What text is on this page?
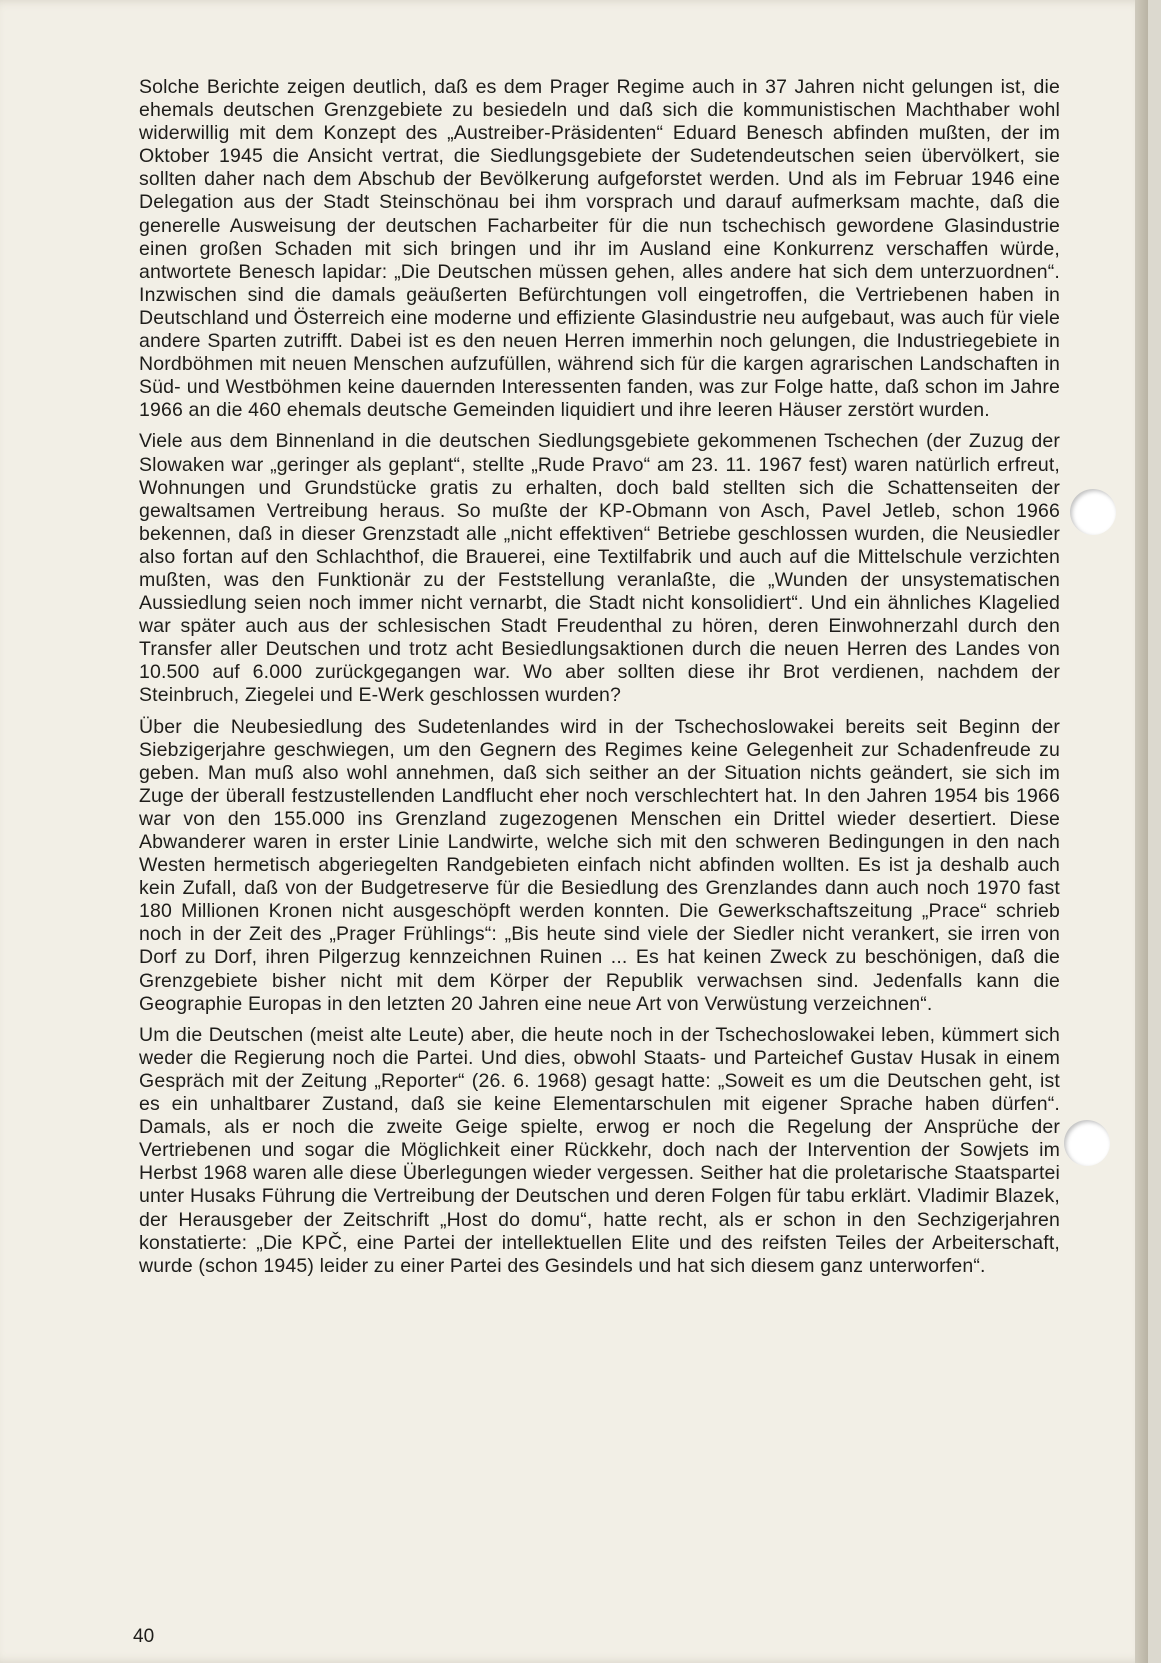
Solche Berichte zeigen deutlich, daß es dem Prager Regime auch in 37 Jahren nicht gelungen ist, die ehemals deutschen Grenzgebiete zu besiedeln und daß sich die kommunistischen Machthaber wohl widerwillig mit dem Konzept des „Austreiber-Präsidenten“ Eduard Benesch abfinden mußten, der im Oktober 1945 die Ansicht vertrat, die Siedlungsgebiete der Sudetendeutschen seien übervölkert, sie sollten daher nach dem Abschub der Bevölkerung aufgeforstet werden. Und als im Februar 1946 eine Delegation aus der Stadt Steinschönau bei ihm vorsprach und darauf aufmerksam machte, daß die generelle Ausweisung der deutschen Facharbeiter für die nun tschechisch gewordene Glasindustrie einen großen Schaden mit sich bringen und ihr im Ausland eine Konkurrenz verschaffen würde, antwortete Benesch lapidar: „Die Deutschen müssen gehen, alles andere hat sich dem unterzuordnen“. Inzwischen sind die damals geäußerten Befürchtungen voll eingetroffen, die Vertriebenen haben in Deutschland und Österreich eine moderne und effiziente Glasindustrie neu aufgebaut, was auch für viele andere Sparten zutrifft. Dabei ist es den neuen Herren immerhin noch gelungen, die Industriegebiete in Nordböhmen mit neuen Menschen aufzufüllen, während sich für die kargen agrarischen Landschaften in Süd- und Westböhmen keine dauernden Interessenten fanden, was zur Folge hatte, daß schon im Jahre 1966 an die 460 ehemals deutsche Gemeinden liquidiert und ihre leeren Häuser zerstört wurden.

Viele aus dem Binnenland in die deutschen Siedlungsgebiete gekommenen Tschechen (der Zuzug der Slowaken war „geringer als geplant“, stellte „Rude Pravo“ am 23. 11. 1967 fest) waren natürlich erfreut, Wohnungen und Grundstücke gratis zu erhalten, doch bald stellten sich die Schattenseiten der gewaltsamen Vertreibung heraus. So mußte der KP-Obmann von Asch, Pavel Jetleb, schon 1966 bekennen, daß in dieser Grenzstadt alle „nicht effektiven“ Betriebe geschlossen wurden, die Neusiedler also fortan auf den Schlachthof, die Brauerei, eine Textilfabrik und auch auf die Mittelschule verzichten mußten, was den Funktionär zu der Feststellung veranlaßte, die „Wunden der unsystematischen Aussiedlung seien noch immer nicht vernarbt, die Stadt nicht konsolidiert“. Und ein ähnliches Klagelied war später auch aus der schlesischen Stadt Freudenthal zu hören, deren Einwohnerzahl durch den Transfer aller Deutschen und trotz acht Besiedlungsaktionen durch die neuen Herren des Landes von 10.500 auf 6.000 zurückgegangen war. Wo aber sollten diese ihr Brot verdienen, nachdem der Steinbruch, Ziegelei und E-Werk geschlossen wurden?

Über die Neubesiedlung des Sudetenlandes wird in der Tschechoslowakei bereits seit Beginn der Siebzigerjahre geschwiegen, um den Gegnern des Regimes keine Gelegenheit zur Schadenfreude zu geben. Man muß also wohl annehmen, daß sich seither an der Situation nichts geändert, sie sich im Zuge der überall festzustellenden Landflucht eher noch verschlechtert hat. In den Jahren 1954 bis 1966 war von den 155.000 ins Grenzland zugezogenen Menschen ein Drittel wieder desertiert. Diese Abwanderer waren in erster Linie Landwirte, welche sich mit den schweren Bedingungen in den nach Westen hermetisch abgeriegelten Randgebieten einfach nicht abfinden wollten. Es ist ja deshalb auch kein Zufall, daß von der Budgetreserve für die Besiedlung des Grenzlandes dann auch noch 1970 fast 180 Millionen Kronen nicht ausgeschöpft werden konnten. Die Gewerkschaftszeitung „Prace“ schrieb noch in der Zeit des „Prager Frühlings“: „Bis heute sind viele der Siedler nicht verankert, sie irren von Dorf zu Dorf, ihren Pilgerzug kennzeichnen Ruinen ... Es hat keinen Zweck zu beschönigen, daß die Grenzgebiete bisher nicht mit dem Körper der Republik verwachsen sind. Jedenfalls kann die Geographie Europas in den letzten 20 Jahren eine neue Art von Verwüstung verzeichnen“.

Um die Deutschen (meist alte Leute) aber, die heute noch in der Tschechoslowakei leben, kümmert sich weder die Regierung noch die Partei. Und dies, obwohl Staats- und Parteichef Gustav Husak in einem Gespräch mit der Zeitung „Reporter“ (26. 6. 1968) gesagt hatte: „Soweit es um die Deutschen geht, ist es ein unhaltbarer Zustand, daß sie keine Elementarschulen mit eigener Sprache haben dürfen“. Damals, als er noch die zweite Geige spielte, erwog er noch die Regelung der Ansprüche der Vertriebenen und sogar die Möglichkeit einer Rückkehr, doch nach der Intervention der Sowjets im Herbst 1968 waren alle diese Überlegungen wieder vergessen. Seither hat die proletarische Staatspartei unter Husaks Führung die Vertreibung der Deutschen und deren Folgen für tabu erklärt. Vladimir Blazek, der Herausgeber der Zeitschrift „Host do domu“, hatte recht, als er schon in den Sechzigerjahren konstatierte: „Die KPČ, eine Partei der intellektuellen Elite und des reifsten Teiles der Arbeiterschaft, wurde (schon 1945) leider zu einer Partei des Gesindels und hat sich diesem ganz unterworfen“.

40
